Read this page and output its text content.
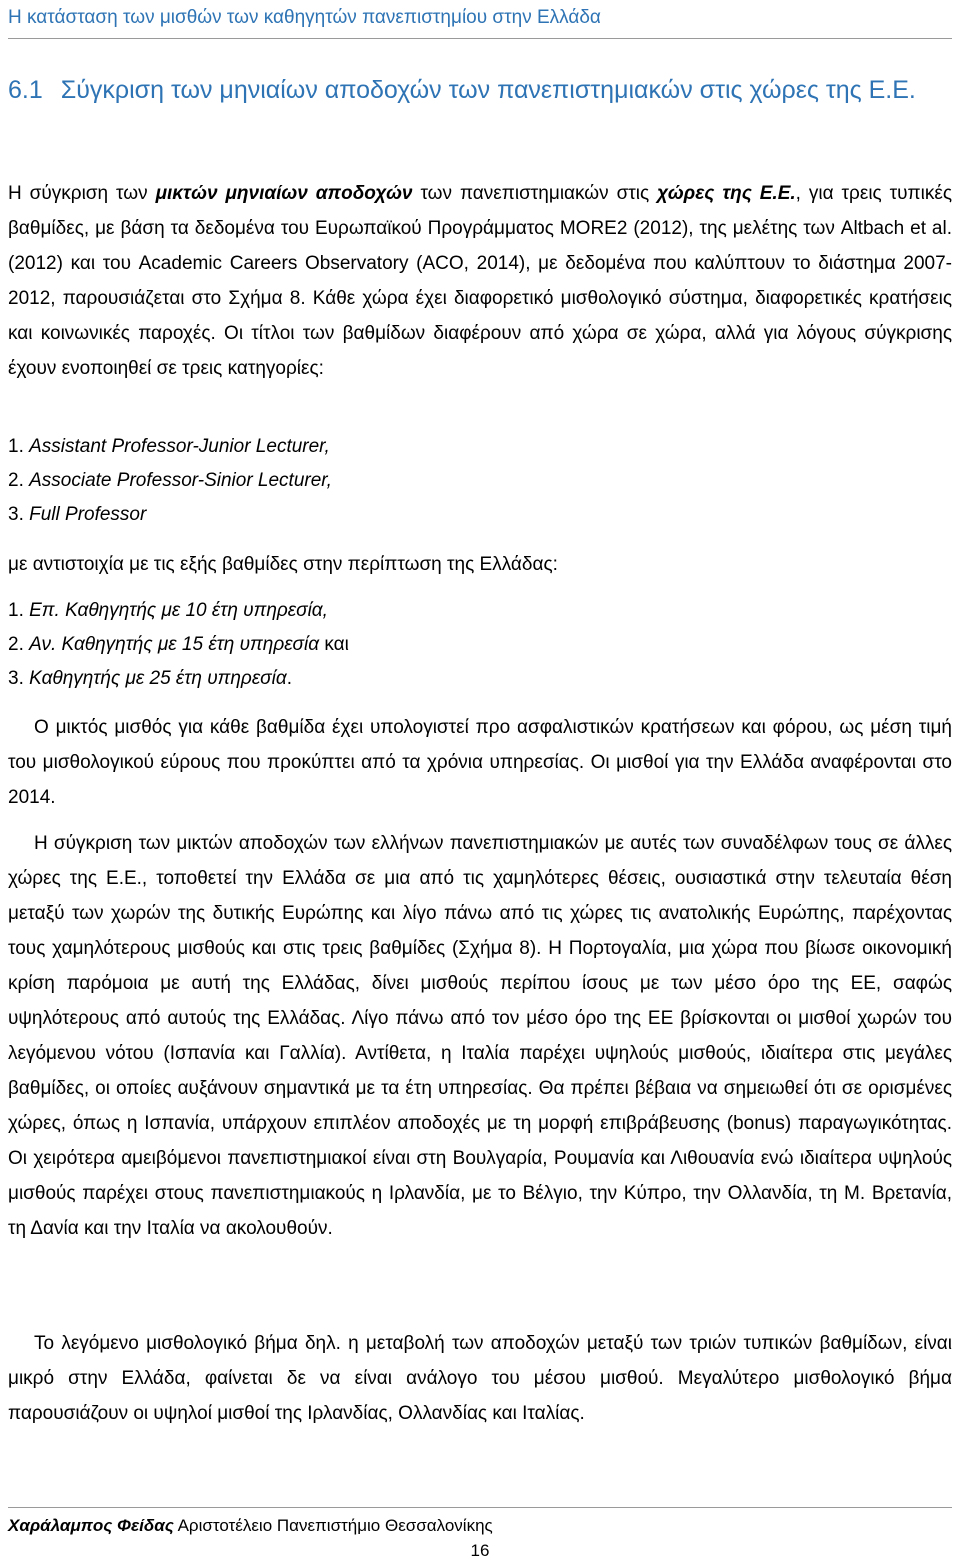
Η κατάσταση των μισθών των καθηγητών πανεπιστημίου στην Ελλάδα
6.1 Σύγκριση των μηνιαίων αποδοχών των πανεπιστημιακών στις χώρες της Ε.Ε.

Η σύγκριση των μικτών μηνιαίων αποδοχών των πανεπιστημιακών στις χώρες της Ε.Ε., για τρεις τυπικές βαθμίδες, με βάση τα δεδομένα του Ευρωπαϊκού Προγράμματος MORE2 (2012), της μελέτης των Altbach et al. (2012) και του Academic Careers Observatory (ACO, 2014), με δεδομένα που καλύπτουν το διάστημα 2007-2012, παρουσιάζεται στο Σχήμα 8. Κάθε χώρα έχει διαφορετικό μισθολογικό σύστημα, διαφορετικές κρατήσεις και κοινωνικές παροχές. Οι τίτλοι των βαθμίδων διαφέρουν από χώρα σε χώρα, αλλά για λόγους σύγκρισης έχουν ενοποιηθεί σε τρεις κατηγορίες:

1. Assistant Professor-Junior Lecturer,
2. Associate Professor-Sinior Lecturer,
3. Full Professor
με αντιστοιχία με τις εξής βαθμίδες στην περίπτωση της Ελλάδας:
1. Επ. Καθηγητής με 10 έτη υπηρεσία,
2. Αν. Καθηγητής με 15 έτη υπηρεσία και
3. Καθηγητής με 25 έτη υπηρεσία.

Ο μικτός μισθός για κάθε βαθμίδα έχει υπολογιστεί προ ασφαλιστικών κρατήσεων και φόρου, ως μέση τιμή του μισθολογικού εύρους που προκύπτει από τα χρόνια υπηρεσίας. Οι μισθοί για την Ελλάδα αναφέρονται στο 2014.

Η σύγκριση των μικτών αποδοχών των ελλήνων πανεπιστημιακών με αυτές των συναδέλφων τους σε άλλες χώρες της Ε.Ε., τοποθετεί την Ελλάδα σε μια από τις χαμηλότερες θέσεις, ουσιαστικά στην τελευταία θέση μεταξύ των χωρών της δυτικής Ευρώπης και λίγο πάνω από τις χώρες τις ανατολικής Ευρώπης, παρέχοντας τους χαμηλότερους μισθούς και στις τρεις βαθμίδες (Σχήμα 8). Η Πορτογαλία, μια χώρα που βίωσε οικονομική κρίση παρόμοια με αυτή της Ελλάδας, δίνει μισθούς περίπου ίσους με των μέσο όρο της ΕΕ, σαφώς υψηλότερους από αυτούς της Ελλάδας. Λίγο πάνω από τον μέσο όρο της ΕΕ βρίσκονται οι μισθοί χωρών του λεγόμενου νότου (Ισπανία και Γαλλία). Αντίθετα, η Ιταλία παρέχει υψηλούς μισθούς, ιδιαίτερα στις μεγάλες βαθμίδες, οι οποίες αυξάνουν σημαντικά με τα έτη υπηρεσίας. Θα πρέπει βέβαια να σημειωθεί ότι σε ορισμένες χώρες, όπως η Ισπανία, υπάρχουν επιπλέον αποδοχές με τη μορφή επιβράβευσης (bonus) παραγωγικότητας. Οι χειρότερα αμειβόμενοι πανεπιστημιακοί είναι στη Βουλγαρία, Ρουμανία και Λιθουανία ενώ ιδιαίτερα υψηλούς μισθούς παρέχει στους πανεπιστημιακούς η Ιρλανδία, με το Βέλγιο, την Κύπρο, την Ολλανδία, τη Μ. Βρετανία, τη Δανία και την Ιταλία να ακολουθούν.

Το λεγόμενο μισθολογικό βήμα δηλ. η μεταβολή των αποδοχών μεταξύ των τριών τυπικών βαθμίδων, είναι μικρό στην Ελλάδα, φαίνεται δε να είναι ανάλογο του μέσου μισθού. Μεγαλύτερο μισθολογικό βήμα παρουσιάζουν οι υψηλοί μισθοί της Ιρλανδίας, Ολλανδίας και Ιταλίας.

Χαράλαμπος Φείδας Αριστοτέλειο Πανεπιστήμιο Θεσσαλονίκης
16
